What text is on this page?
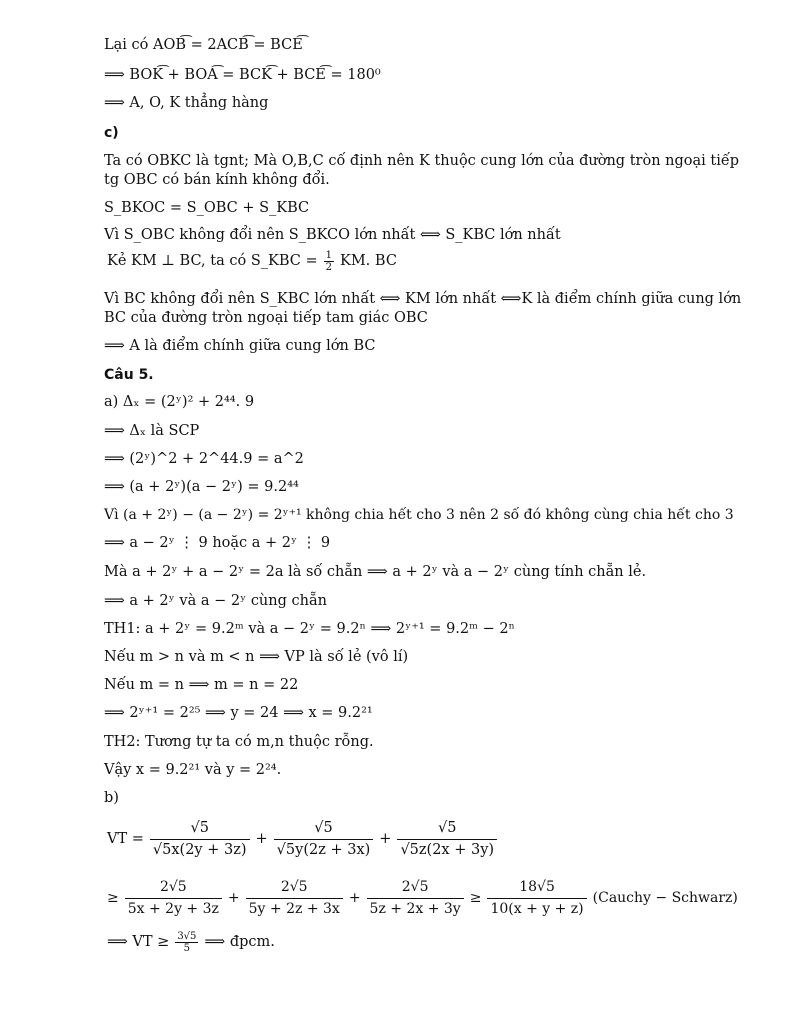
Lại có AOB͡ = 2ACB͡ = BCE͡
⟹ BOK͡ + BOA͡ = BCK͡ + BCE͡ = 180⁰
⟹ A, O, K thẳng hàng
c)
Ta có OBKC là tgnt; Mà O,B,C cố định nên K thuộc cung lớn của đường tròn ngoại tiếp tg OBC có bán kính không đổi.
S_BKOC = S_OBC + S_KBC
Vì S_OBC không đổi nên S_BKCO lớn nhất ⟺ S_KBC lớn nhất
Kẻ KM ⊥ BC, ta có S_KBC = $\frac{1}{2}$ KM. BC
Vì BC không đổi nên S_KBC lớn nhất ⟺ KM lớn nhất ⟺K là điểm chính giữa cung lớn BC của đường tròn ngoại tiếp tam giác OBC
⟹ A là điểm chính giữa cung lớn BC
Câu 5.
a) Δₓ = (2ʸ)² + 2⁴⁴. 9
⟹ Δₓ là SCP
⟹ (2ʸ)^2 + 2^44.9 = a^2
⟹ (a + 2ʸ)(a − 2ʸ) = 9.2⁴⁴
Vì (a + 2ʸ) − (a − 2ʸ) = 2ʸ⁺¹ không chia hết cho 3 nên 2 số đó không cùng chia hết cho 3
⟹ a − 2ʸ ⋮ 9 hoặc a + 2ʸ ⋮ 9
Mà a + 2ʸ + a − 2ʸ = 2a là số chẵn ⟹ a + 2ʸ và a − 2ʸ cùng tính chẵn lẻ.
⟹ a + 2ʸ và a − 2ʸ cùng chẵn
TH1: a + 2ʸ = 9.2ᵐ và a − 2ʸ = 9.2ⁿ ⟹ 2ʸ⁺¹ = 9.2ᵐ − 2ⁿ
Nếu m > n và m < n ⟹ VP là số lẻ (vô lí)
Nếu m = n ⟹ m = n = 22
⟹ 2ʸ⁺¹ = 2²⁵ ⟹ y = 24 ⟹ x = 9.2²¹
TH2: Tương tự ta có m,n thuộc rỗng.
Vậy x = 9.2²¹ và y = 2²⁴.
b)
VT = $\frac{√5}{√5x(2y + 3z)} + \frac{√5}{√5y(2z + 3x)} + \frac{√5}{√5z(2x + 3y)}$
≥ $\frac{2√5}{5x + 2y + 3z} + \frac{2√5}{5y + 2z + 3x} + \frac{2√5}{5z + 2x + 3y} \ge \frac{18√5}{10(x + y + z)}$ (Cauchy − Schwarz)
⟹ VT ≥ $\frac{3√5}{5}$ ⟹ đpcm.
